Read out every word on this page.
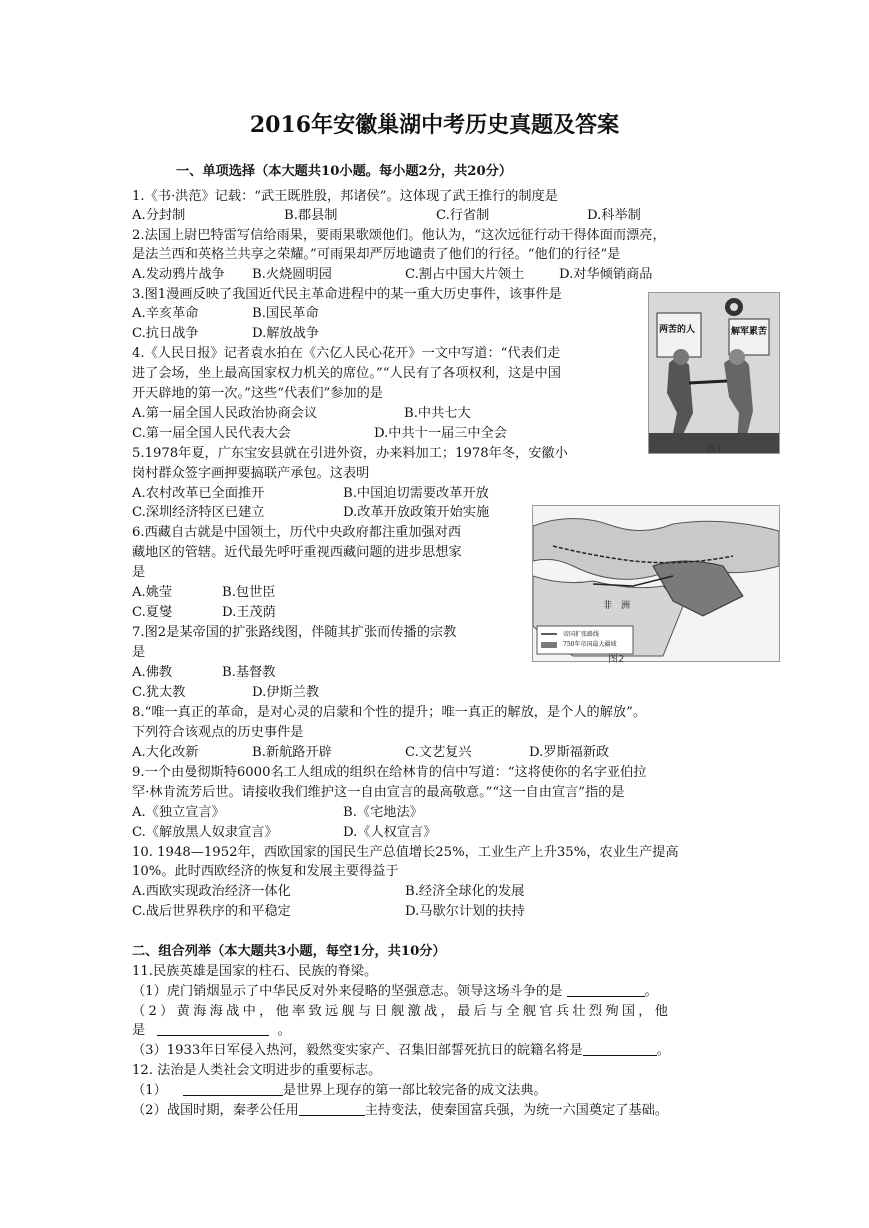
2016年安徽巢湖中考历史真题及答案
一、单项选择（本大题共10小题。每小题2分，共20分）
1.《书·洪范》记载：“武王既胜殷，邦诸侯”。这体现了武王推行的制度是
A.分封制	B.郡县制	C.行省制	D.科举制
2.法国上尉巴特雷写信给雨果，要雨果歌颂他们。他认为，“这次远征行动干得体面而漂亮，
是法兰西和英格兰共享之荣耀。”可雨果却严厉地谴责了他们的行径。“他们的行径”是
A.发动鸦片战争 B.火烧圆明园	C.割占中国大片领土	D.对华倾销商品
3.图1漫画反映了我国近代民主革命进程中的某一重大历史事件，该事件是
A.辛亥革命	B.国民革命
C.抗日战争	D.解放战争
4.《人民日报》记者袁水拍在《六亿人民心花开》一文中写道：“代表们走
进了会场，坐上最高国家权力机关的席位。”“人民有了各项权利，这是中国
开天辟地的第一次。”这些“代表们”参加的是
A.第一届全国人民政治协商会议	B.中共七大
C.第一届全国人民代表大会	D.中共十一届三中全会
5.1978年夏，广东宝安县就在引进外资，办来料加工；1978年冬，安徽小
岗村群众签字画押要搞联产承包。这表明
A.农村改革已全面推开	B.中国迫切需要改革开放
C.深圳经济特区已建立	D.改革开放政策开始实施
6.西藏自古就是中国领土，历代中央政府都注重加强对西
藏地区的管辖。近代最先呼吁重视西藏问题的进步思想家
是
A.姚莹	B.包世臣
C.夏燮	D.王茂荫
7.图2是某帝国的扩张路线图，伴随其扩张而传播的宗教
是
A.佛教	B.基督教
C.犹太教	D.伊斯兰教
8.“唯一真正的革命，是对心灵的启蒙和个性的提升；唯一真正的解放，是个人的解放”。
下列符合该观点的历史事件是
A.大化改新	B.新航路开辟	C.文艺复兴	D.罗斯福新政
9.一个由曼彻斯特6000名工人组成的组织在给林肯的信中写道：“这将使你的名字亚伯拉
罕·林肯流芳后世。请接收我们维护这一自由宣言的最高敬意。”“这一自由宣言”指的是
A.《独立宣言》	B.《宅地法》
C.《解放黑人奴隶宣言》	D.《人权宣言》
10. 1948—1952年，西欧国家的国民生产总值增长25%，工业生产上升35%，农业生产提高
10%。此时西欧经济的恢复和发展主要得益于
A.西欧实现政治经济一体化	B.经济全球化的发展
C.战后世界秩序的和平稳定	D.马歇尔计划的扶持
二、组合列举（本大题共3小题，每空1分，共10分）
11.民族英雄是国家的柱石、民族的脊梁。
（1）虎门销烟显示了中华民反对外来侵略的坚强意志。领导这场斗争的是	。
（2）黄海海战中，他率致远舰与日舰激战，最后与全舰官兵壮烈殉国，他
是	。
（3）1933年日军侵入热河，毅然变实家产、召集旧部誓死抗日的皖籍名将是	。
12. 法治是人类社会文明进步的重要标志。
（1）	是世界上现存的第一部比较完备的成文法典。
（2）战国时期，秦孝公任用	主持变法，使秦国富兵强，为统一六国奠定了基础。
两苦的人	解军累苦
图1
非　洲
帝国扩张路线
750年帝国最大疆域
图2
